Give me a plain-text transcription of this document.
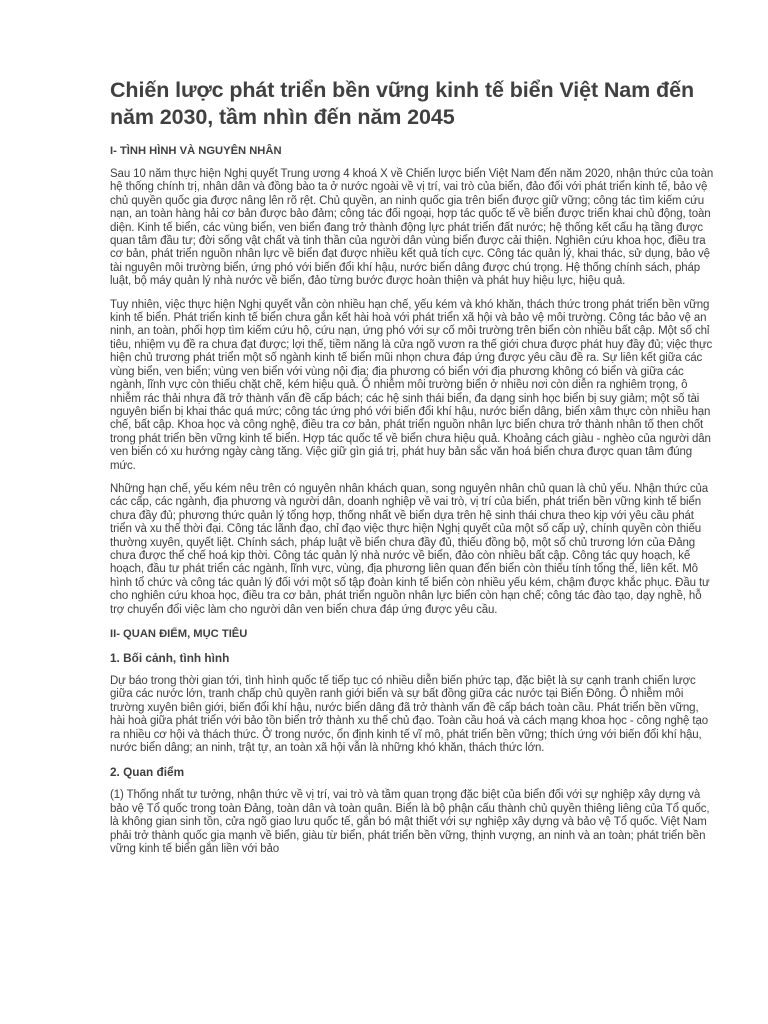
Chiến lược phát triển bền vững kinh tế biển Việt Nam đến năm 2030, tầm nhìn đến năm 2045
I- TÌNH HÌNH VÀ NGUYÊN NHÂN

Sau 10 năm thực hiện Nghị quyết Trung ương 4 khoá X về Chiến lược biển Việt Nam đến năm 2020, nhận thức của toàn hệ thống chính trị, nhân dân và đồng bào ta ở nước ngoài về vị trí, vai trò của biển, đảo đối với phát triển kinh tế, bảo vệ chủ quyền quốc gia được nâng lên rõ rệt. Chủ quyền, an ninh quốc gia trên biển được giữ vững; công tác tìm kiếm cứu nạn, an toàn hàng hải cơ bản được bảo đảm; công tác đối ngoại, hợp tác quốc tế về biển được triển khai chủ động, toàn diện. Kinh tế biển, các vùng biển, ven biển đang trở thành động lực phát triển đất nước; hệ thống kết cấu hạ tầng được quan tâm đầu tư; đời sống vật chất và tinh thần của người dân vùng biển được cải thiện. Nghiên cứu khoa học, điều tra cơ bản, phát triển nguồn nhân lực về biển đạt được nhiều kết quả tích cực. Công tác quản lý, khai thác, sử dụng, bảo vệ tài nguyên môi trường biển, ứng phó với biến đổi khí hậu, nước biển dâng được chú trọng. Hệ thống chính sách, pháp luật, bộ máy quản lý nhà nước về biển, đảo từng bước được hoàn thiện và phát huy hiệu lực, hiệu quả.

Tuy nhiên, việc thực hiện Nghị quyết vẫn còn nhiều hạn chế, yếu kém và khó khăn, thách thức trong phát triển bền vững kinh tế biển. Phát triển kinh tế biển chưa gắn kết hài hoà với phát triển xã hội và bảo vệ môi trường. Công tác bảo vệ an ninh, an toàn, phối hợp tìm kiếm cứu hộ, cứu nạn, ứng phó với sự cố môi trường trên biển còn nhiều bất cập. Một số chỉ tiêu, nhiệm vụ đề ra chưa đạt được; lợi thế, tiềm năng là cửa ngõ vươn ra thế giới chưa được phát huy đầy đủ; việc thực hiện chủ trương phát triển một số ngành kinh tế biển mũi nhọn chưa đáp ứng được yêu cầu đề ra. Sự liên kết giữa các vùng biển, ven biển; vùng ven biển với vùng nội địa; địa phương có biển với địa phương không có biển và giữa các ngành, lĩnh vực còn thiếu chặt chẽ, kém hiệu quả. Ô nhiễm môi trường biển ở nhiều nơi còn diễn ra nghiêm trọng, ô nhiễm rác thải nhựa đã trở thành vấn đề cấp bách; các hệ sinh thái biển, đa dạng sinh học biển bị suy giảm; một số tài nguyên biển bị khai thác quá mức; công tác ứng phó với biến đổi khí hậu, nước biển dâng, biển xâm thực còn nhiều hạn chế, bất cập. Khoa học và công nghệ, điều tra cơ bản, phát triển nguồn nhân lực biển chưa trở thành nhân tố then chốt trong phát triển bền vững kinh tế biển. Hợp tác quốc tế về biển chưa hiệu quả. Khoảng cách giàu - nghèo của người dân ven biển có xu hướng ngày càng tăng. Việc giữ gìn giá trị, phát huy bản sắc văn hoá biển chưa được quan tâm đúng mức.

Những hạn chế, yếu kém nêu trên có nguyên nhân khách quan, song nguyên nhân chủ quan là chủ yếu. Nhận thức của các cấp, các ngành, địa phương và người dân, doanh nghiệp về vai trò, vị trí của biển, phát triển bền vững kinh tế biển chưa đầy đủ; phương thức quản lý tổng hợp, thống nhất về biển dựa trên hệ sinh thái chưa theo kịp với yêu cầu phát triển và xu thế thời đại. Công tác lãnh đạo, chỉ đạo việc thực hiện Nghị quyết của một số cấp uỷ, chính quyền còn thiếu thường xuyên, quyết liệt. Chính sách, pháp luật về biển chưa đầy đủ, thiếu đồng bộ, một số chủ trương lớn của Đảng chưa được thể chế hoá kịp thời. Công tác quản lý nhà nước về biển, đảo còn nhiều bất cập. Công tác quy hoạch, kế hoạch, đầu tư phát triển các ngành, lĩnh vực, vùng, địa phương liên quan đến biển còn thiếu tính tổng thể, liên kết. Mô hình tổ chức và công tác quản lý đối với một số tập đoàn kinh tế biển còn nhiều yếu kém, chậm được khắc phục. Đầu tư cho nghiên cứu khoa học, điều tra cơ bản, phát triển nguồn nhân lực biển còn hạn chế; công tác đào tạo, dạy nghề, hỗ trợ chuyển đổi việc làm cho người dân ven biển chưa đáp ứng được yêu cầu.

II- QUAN ĐIỂM, MỤC TIÊU
1. Bối cảnh, tình hình

Dự báo trong thời gian tới, tình hình quốc tế tiếp tục có nhiều diễn biến phức tạp, đặc biệt là sự cạnh tranh chiến lược giữa các nước lớn, tranh chấp chủ quyền ranh giới biển và sự bất đồng giữa các nước tại Biển Đông. Ô nhiễm môi trường xuyên biên giới, biến đổi khí hậu, nước biển dâng đã trở thành vấn đề cấp bách toàn cầu. Phát triển bền vững, hài hoà giữa phát triển với bảo tồn biển trở thành xu thế chủ đạo. Toàn cầu hoá và cách mạng khoa học - công nghệ tạo ra nhiều cơ hội và thách thức. Ở trong nước, ổn định kinh tế vĩ mô, phát triển bền vững; thích ứng với biến đổi khí hậu, nước biển dâng; an ninh, trật tự, an toàn xã hội vẫn là những khó khăn, thách thức lớn.

2. Quan điểm

(1) Thống nhất tư tưởng, nhận thức về vị trí, vai trò và tầm quan trọng đặc biệt của biển đối với sự nghiệp xây dựng và bảo vệ Tổ quốc trong toàn Đảng, toàn dân và toàn quân. Biển là bộ phận cấu thành chủ quyền thiêng liêng của Tổ quốc, là không gian sinh tồn, cửa ngõ giao lưu quốc tế, gắn bó mật thiết với sự nghiệp xây dựng và bảo vệ Tổ quốc. Việt Nam phải trở thành quốc gia mạnh về biển, giàu từ biển, phát triển bền vững, thịnh vượng, an ninh và an toàn; phát triển bền vững kinh tế biển gắn liền với bảo
